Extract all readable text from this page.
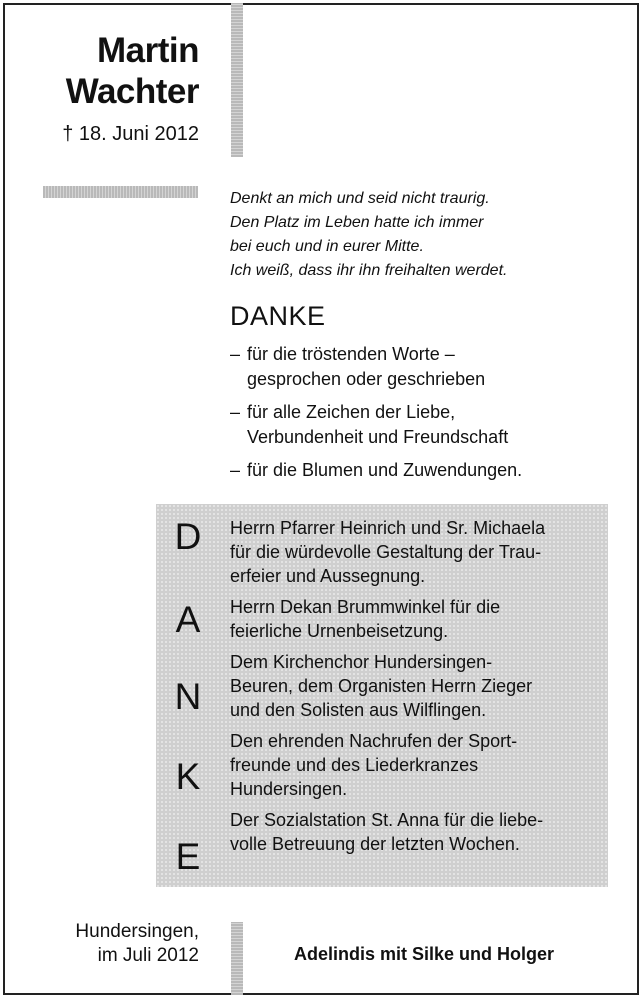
Martin
Wachter
† 18. Juni 2012
Denkt an mich und seid nicht traurig.
Den Platz im Leben hatte ich immer
bei euch und in eurer Mitte.
Ich weiß, dass ihr ihn freihalten werdet.
DANKE
– für die tröstenden Worte –
gesprochen oder geschrieben
– für alle Zeichen der Liebe,
Verbundenheit und Freundschaft
– für die Blumen und Zuwendungen.
D
A
N
K
E
Herrn Pfarrer Heinrich und Sr. Michaela
für die würdevolle Gestaltung der Trau-
erfeier und Aussegnung.
Herrn Dekan Brummwinkel für die
feierliche Urnenbeisetzung.
Dem Kirchenchor Hundersingen-
Beuren, dem Organisten Herrn Zieger
und den Solisten aus Wilflingen.
Den ehrenden Nachrufen der Sport-
freunde und des Liederkranzes
Hundersingen.
Der Sozialstation St. Anna für die liebe-
volle Betreuung der letzten Wochen.
Hundersingen,
im Juli 2012	Adelindis mit Silke und Holger
